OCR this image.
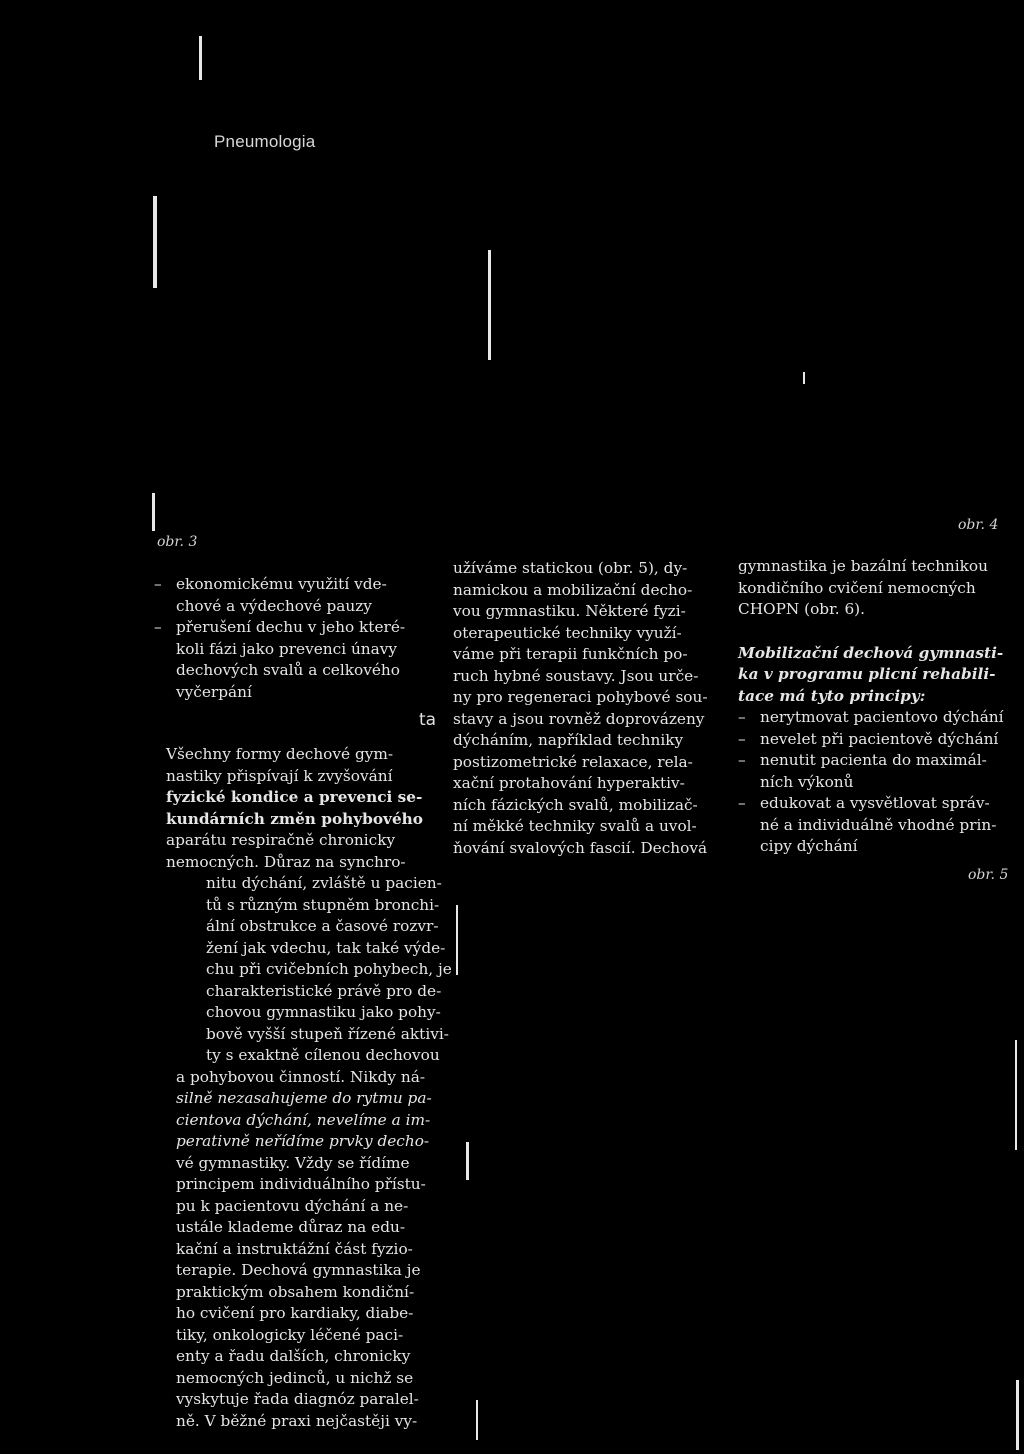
Pneumologia
obr. 3
obr. 4
obr. 5
– ekonomickému využití vde-
chové a výdechové pauzy
– přerušení dechu v jeho které-
koli fázi jako prevenci únavy
dechových svalů a celkového
vyčerpání
ta
Všechny formy dechové gym-
nastiky přispívají k zvyšování
fyzické kondice a prevenci se-
kundárních změn pohybového
aparátu respiračně chronicky
nemocných. Důraz na synchro-
nitu dýchání, zvláště u pacien-
tů s různým stupněm bronchi-
ální obstrukce a časové rozvr-
žení jak vdechu, tak také výde-
chu při cvičebních pohybech, je
charakteristické právě pro de-
chovou gymnastiku jako pohy-
bově vyšší stupeň řízené aktivi-
ty s exaktně cílenou dechovou
a pohybovou činností. Nikdy ná-
silně nezasahujeme do rytmu pa-
cientova dýchání, nevelíme a im-
perativně neřídíme prvky decho-
vé gymnastiky. Vždy se řídíme
principem individuálního přístu-
pu k pacientovu dýchání a ne-
ustále klademe důraz na edu-
kační a instruktážní část fyzio-
terapie. Dechová gymnastika je
praktickým obsahem kondiční-
ho cvičení pro kardiaky, diabe-
tiky, onkologicky léčené paci-
enty a řadu dalších, chronicky
nemocných jedinců, u nichž se
vyskytuje řada diagnóz paralel-
ně. V běžné praxi nejčastěji vy-
užíváme statickou (obr. 5), dy-
namickou a mobilizační decho-
vou gymnastiku. Některé fyzi-
oterapeutické techniky využí-
váme při terapii funkčních po-
ruch hybné soustavy. Jsou urče-
ny pro regeneraci pohybové sou-
stavy a jsou rovněž doprovázeny
dýcháním, například techniky
postizometrické relaxace, rela-
xační protahování hyperaktiv-
ních fázických svalů, mobilizač-
ní měkké techniky svalů a uvol-
ňování svalových fascií. Dechová
gymnastika je bazální technikou
kondičního cvičení nemocných
CHOPN (obr. 6).
Mobilizační dechová gymnasti-
ka v programu plicní rehabili-
tace má tyto principy:
– nerytmovat pacientovo dýchání
– nevelet při pacientově dýchání
– nenutit pacienta do maximál-
ních výkonů
– edukovat a vysvětlovat správ-
né a individuálně vhodné prin-
cipy dýchání
